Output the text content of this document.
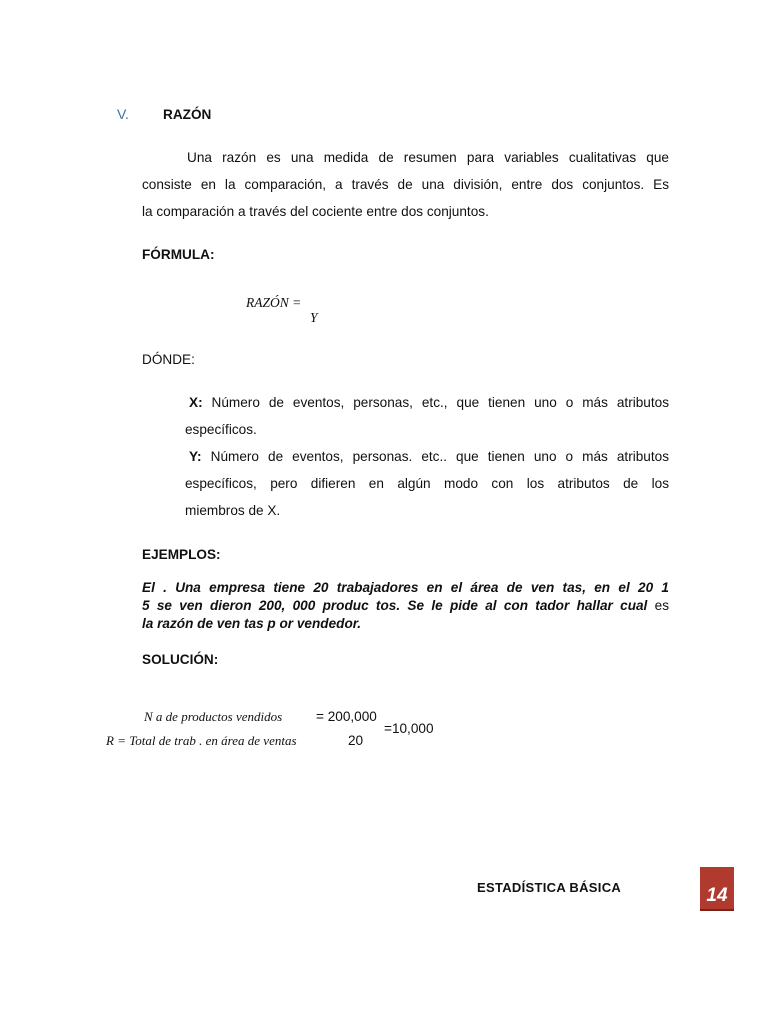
V.	RAZÓN
Una razón es una medida de resumen para variables cualitativas que
consiste en la comparación, a través de una división, entre dos conjuntos. Es
la comparación a través del cociente entre dos conjuntos.
FÓRMULA:
RAZÓN =
Y
DÓNDE:
X: Número de eventos, personas, etc., que tienen uno o más atributos
específicos.
Y: Número de eventos, personas. etc.. que tienen uno o más atributos
específicos, pero difieren en algún modo con los atributos de los
miembros de X.
EJEMPLOS:
El . Una empresa tiene 20 trabajadores en el área de ven tas, en el 20 1
5 se ven dieron 200, 000 produc tos. Se le pide al con tador hallar cual es
la razón de ven tas p or vendedor.
SOLUCIÓN:
N a de productos vendidos = 200,000
R = Total de trab . en área de ventas	20
=10,000
ESTADÍSTICA BÁSICA	14
